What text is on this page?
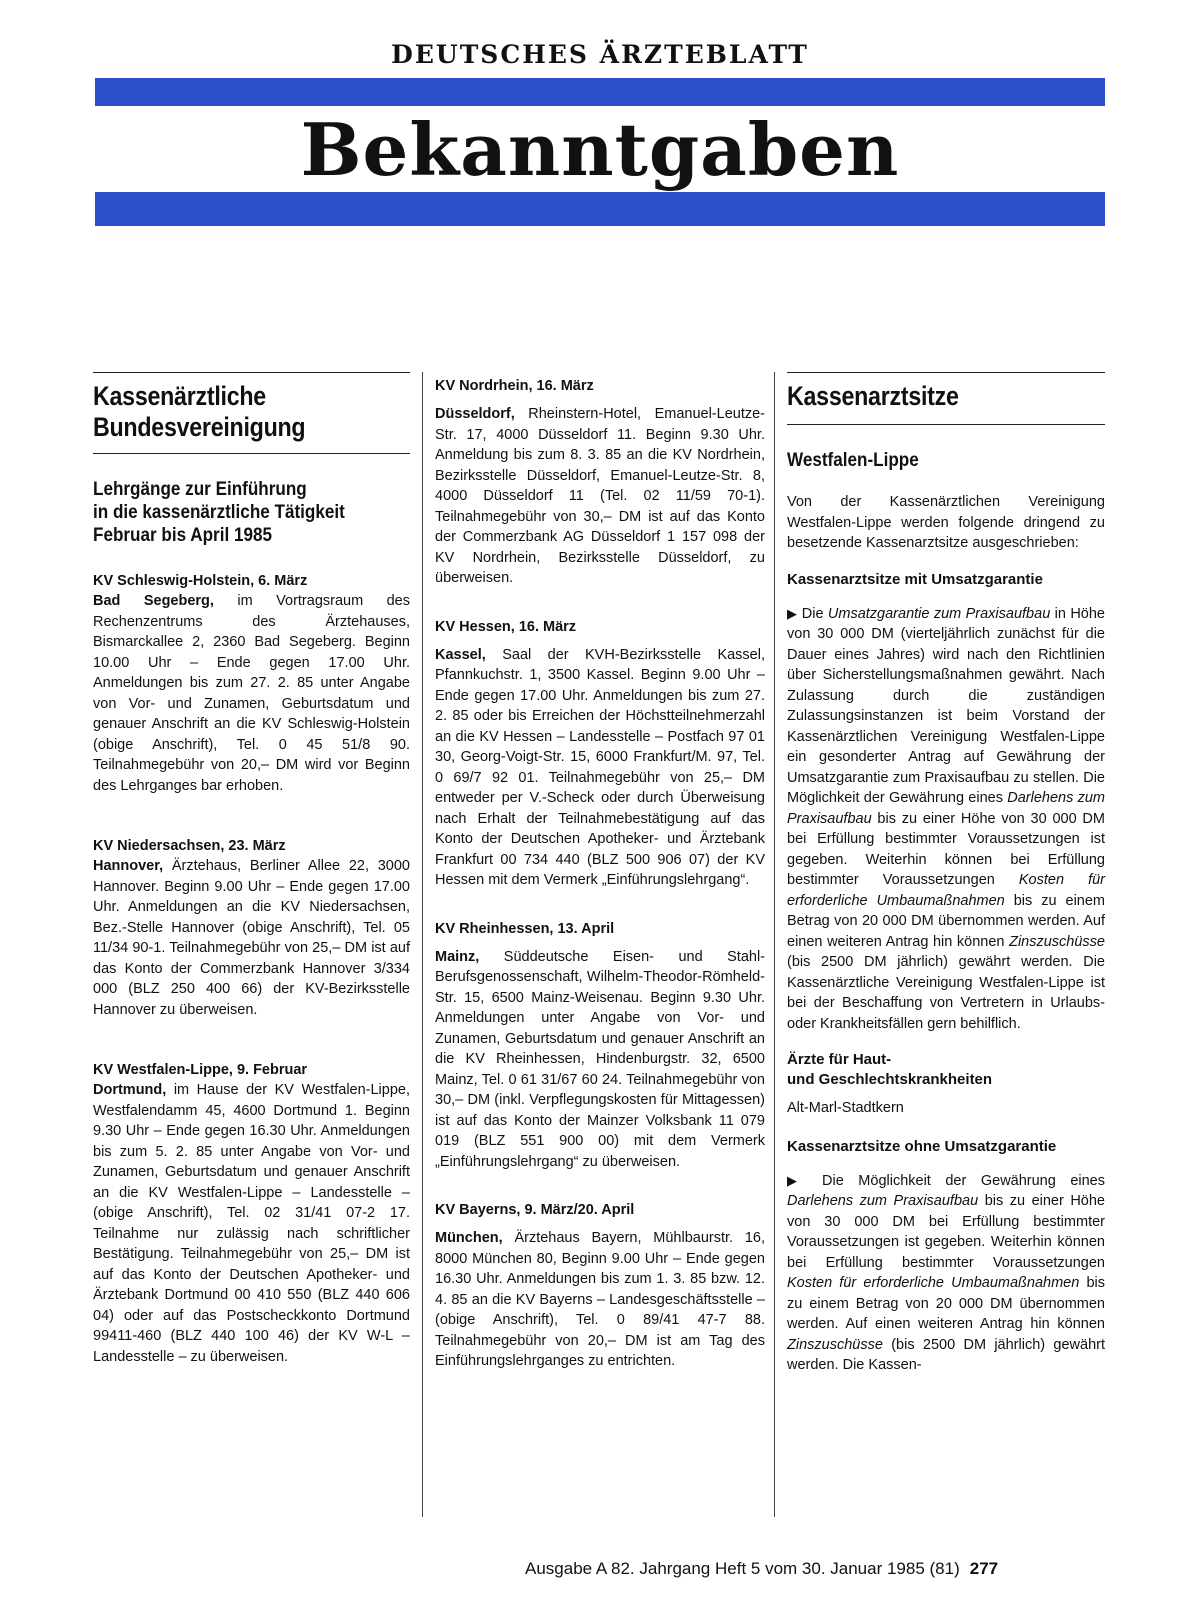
DEUTSCHES ÄRZTEBLATT
Bekanntgaben
Kassenärztliche
Bundesvereinigung
Lehrgänge zur Einführung
in die kassenärztliche Tätigkeit
Februar bis April 1985
KV Schleswig-Holstein, 6. März

Bad Segeberg, im Vortragsraum des Rechenzentrums des Ärztehauses, Bismarckallee 2, 2360 Bad Segeberg. Beginn 10.00 Uhr – Ende gegen 17.00 Uhr. Anmeldungen bis zum 27. 2. 85 unter Angabe von Vor- und Zunamen, Geburtsdatum und genauer Anschrift an die KV Schleswig-Holstein (obige Anschrift), Tel. 0 45 51/8 90. Teilnahmegebühr von 20,– DM wird vor Beginn des Lehrganges bar erhoben.

KV Niedersachsen, 23. März

Hannover, Ärztehaus, Berliner Allee 22, 3000 Hannover. Beginn 9.00 Uhr – Ende gegen 17.00 Uhr. Anmeldungen an die KV Niedersachsen, Bez.-Stelle Hannover (obige Anschrift), Tel. 05 11/34 90-1. Teilnahmegebühr von 25,– DM ist auf das Konto der Commerzbank Hannover 3/334 000 (BLZ 250 400 66) der KV-Bezirksstelle Hannover zu überweisen.

KV Westfalen-Lippe, 9. Februar

Dortmund, im Hause der KV Westfalen-Lippe, Westfalendamm 45, 4600 Dortmund 1. Beginn 9.30 Uhr – Ende gegen 16.30 Uhr. Anmeldungen bis zum 5. 2. 85 unter Angabe von Vor- und Zunamen, Geburtsdatum und genauer Anschrift an die KV Westfalen-Lippe – Landesstelle – (obige Anschrift), Tel. 02 31/41 07-2 17. Teilnahme nur zulässig nach schriftlicher Bestätigung. Teilnahmegebühr von 25,– DM ist auf das Konto der Deutschen Apotheker- und Ärztebank Dortmund 00 410 550 (BLZ 440 606 04) oder auf das Postscheckkonto Dortmund 99411-460 (BLZ 440 100 46) der KV W-L – Landesstelle – zu überweisen.

KV Nordrhein, 16. März

Düsseldorf, Rheinstern-Hotel, Emanuel-Leutze-Str. 17, 4000 Düsseldorf 11. Beginn 9.30 Uhr. Anmeldung bis zum 8. 3. 85 an die KV Nordrhein, Bezirksstelle Düsseldorf, Emanuel-Leutze-Str. 8, 4000 Düsseldorf 11 (Tel. 02 11/59 70-1). Teilnahmegebühr von 30,– DM ist auf das Konto der Commerzbank AG Düsseldorf 1 157 098 der KV Nordrhein, Bezirksstelle Düsseldorf, zu überweisen.

KV Hessen, 16. März

Kassel, Saal der KVH-Bezirksstelle Kassel, Pfannkuchstr. 1, 3500 Kassel. Beginn 9.00 Uhr – Ende gegen 17.00 Uhr. Anmeldungen bis zum 27. 2. 85 oder bis Erreichen der Höchstteilnehmerzahl an die KV Hessen – Landesstelle – Postfach 97 01 30, Georg-Voigt-Str. 15, 6000 Frankfurt/M. 97, Tel. 0 69/7 92 01. Teilnahmegebühr von 25,– DM entweder per V.-Scheck oder durch Überweisung nach Erhalt der Teilnahmebestätigung auf das Konto der Deutschen Apotheker- und Ärztebank Frankfurt 00 734 440 (BLZ 500 906 07) der KV Hessen mit dem Vermerk „Einführungslehrgang“.

KV Rheinhessen, 13. April

Mainz, Süddeutsche Eisen- und Stahl-Berufsgenossenschaft, Wilhelm-Theodor-Römheld-Str. 15, 6500 Mainz-Weisenau. Beginn 9.30 Uhr. Anmeldungen unter Angabe von Vor- und Zunamen, Geburtsdatum und genauer Anschrift an die KV Rheinhessen, Hindenburgstr. 32, 6500 Mainz, Tel. 0 61 31/67 60 24. Teilnahmegebühr von 30,– DM (inkl. Verpflegungskosten für Mittagessen) ist auf das Konto der Mainzer Volksbank 11 079 019 (BLZ 551 900 00) mit dem Vermerk „Einführungslehrgang“ zu überweisen.

KV Bayerns, 9. März/20. April

München, Ärztehaus Bayern, Mühlbaurstr. 16, 8000 München 80, Beginn 9.00 Uhr – Ende gegen 16.30 Uhr. Anmeldungen bis zum 1. 3. 85 bzw. 12. 4. 85 an die KV Bayerns – Landesgeschäftsstelle – (obige Anschrift), Tel. 0 89/41 47-7 88. Teilnahmegebühr von 20,– DM ist am Tag des Einführungslehrganges zu entrichten.

Kassenarztsitze
Westfalen-Lippe

Von der Kassenärztlichen Vereinigung Westfalen-Lippe werden folgende dringend zu besetzende Kassenarztsitze ausgeschrieben:

Kassenarztsitze mit Umsatzgarantie

▶ Die Umsatzgarantie zum Praxisaufbau in Höhe von 30 000 DM (vierteljährlich zunächst für die Dauer eines Jahres) wird nach den Richtlinien über Sicherstellungsmaßnahmen gewährt. Nach Zulassung durch die zuständigen Zulassungsinstanzen ist beim Vorstand der Kassenärztlichen Vereinigung Westfalen-Lippe ein gesonderter Antrag auf Gewährung der Umsatzgarantie zum Praxisaufbau zu stellen. Die Möglichkeit der Gewährung eines Darlehens zum Praxisaufbau bis zu einer Höhe von 30 000 DM bei Erfüllung bestimmter Voraussetzungen ist gegeben. Weiterhin können bei Erfüllung bestimmter Voraussetzungen Kosten für erforderliche Umbaumaßnahmen bis zu einem Betrag von 20 000 DM übernommen werden. Auf einen weiteren Antrag hin können Zinszuschüsse (bis 2500 DM jährlich) gewährt werden. Die Kassenärztliche Vereinigung Westfalen-Lippe ist bei der Beschaffung von Vertretern in Urlaubs- oder Krankheitsfällen gern behilflich.

Ärzte für Haut-
und Geschlechtskrankheiten

Alt-Marl-Stadtkern

Kassenarztsitze ohne Umsatzgarantie

▶ Die Möglichkeit der Gewährung eines Darlehens zum Praxisaufbau bis zu einer Höhe von 30 000 DM bei Erfüllung bestimmter Voraussetzungen ist gegeben. Weiterhin können bei Erfüllung bestimmter Voraussetzungen Kosten für erforderliche Umbaumaßnahmen bis zu einem Betrag von 20 000 DM übernommen werden. Auf einen weiteren Antrag hin können Zinszuschüsse (bis 2500 DM jährlich) gewährt werden. Die Kassen-

Ausgabe A 82. Jahrgang Heft 5 vom 30. Januar 1985 (81) 277
